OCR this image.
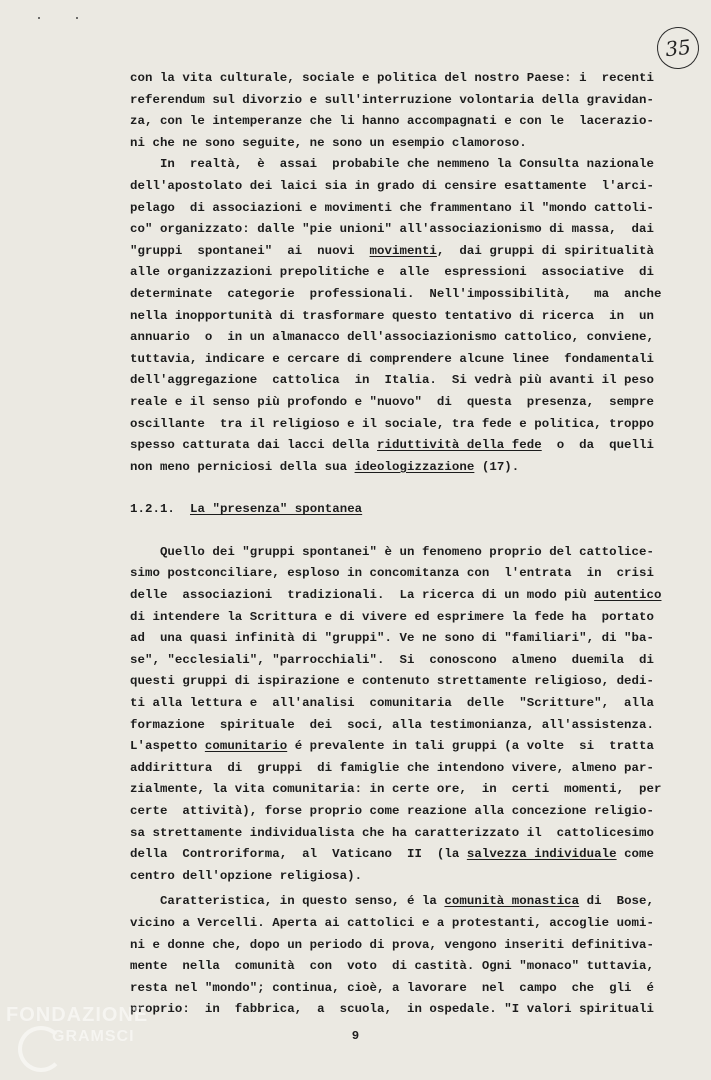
35
con la vita culturale, sociale e politica del nostro Paese: i  recenti
referendum sul divorzio e sull'interruzione volontaria della gravidan-
za, con le intemperanze che li hanno accompagnati e con le  lacerazio-
ni che ne sono seguite, ne sono un esempio clamoroso.
In  realtà,  è  assai  probabile che nemmeno la Consulta nazionale
dell'apostolato dei laici sia in grado di censire esattamente  l'arci-
pelago  di associazioni e movimenti che frammentano il "mondo cattoli-
co" organizzato: dalle "pie unioni" all'associazionismo di massa,  dai
"gruppi  spontanei"  ai  nuovi  movimenti,  dai gruppi di spiritualità
alle organizzazioni prepolitiche e  alle  espressioni  associative  di
determinate  categorie  professionali.  Nell'impossibilità,   ma  anche
nella inopportunità di trasformare questo tentativo di ricerca  in  un
annuario  o  in un almanacco dell'associazionismo cattolico, conviene,
tuttavia, indicare e cercare di comprendere alcune linee  fondamentali
dell'aggregazione  cattolica  in  Italia.  Si vedrà più avanti il peso
reale e il senso più profondo e "nuovo"  di  questa  presenza,  sempre
oscillante  tra il religioso e il sociale, tra fede e politica, troppo
spesso catturata dai lacci della riduttività della fede  o  da  quelli
non meno perniciosi della sua ideologizzazione (17).
1.2.1. La "presenza" spontanea
Quello dei "gruppi spontanei" è un fenomeno proprio del cattolice-
simo postconciliare, esploso in concomitanza con  l'entrata  in  crisi
delle  associazioni  tradizionali.  La ricerca di un modo più autentico
di intendere la Scrittura e di vivere ed esprimere la fede ha  portato
ad  una quasi infinità di "gruppi". Ve ne sono di "familiari", di "ba-
se", "ecclesiali", "parrocchiali".  Si  conoscono  almeno  duemila  di
questi gruppi di ispirazione e contenuto strettamente religioso, dedi-
ti alla lettura e  all'analisi  comunitaria  delle  "Scritture",  alla
formazione  spirituale  dei  soci, alla testimonianza, all'assistenza.
L'aspetto comunitario é prevalente in tali gruppi (a volte  si  tratta
addirittura  di  gruppi  di famiglie che intendono vivere, almeno par-
zialmente, la vita comunitaria: in certe ore,  in  certi  momenti,  per
certe  attività), forse proprio come reazione alla concezione religio-
sa strettamente individualista che ha caratterizzato il  cattolicesimo
della  Controriforma,  al  Vaticano  II  (la salvezza individuale come
centro dell'opzione religiosa).
Caratteristica, in questo senso, é la comunità monastica di  Bose,
vicino a Vercelli. Aperta ai cattolici e a protestanti, accoglie uomi-
ni e donne che, dopo un periodo di prova, vengono inseriti definitiva-
mente  nella  comunità  con  voto  di castità. Ogni "monaco" tuttavia,
resta nel "mondo"; continua, cioè, a lavorare  nel  campo  che  gli  é
proprio:  in  fabbrica,  a  scuola,  in ospedale. "I valori spirituali
9
FONDAZIONE
GRAMSCI
